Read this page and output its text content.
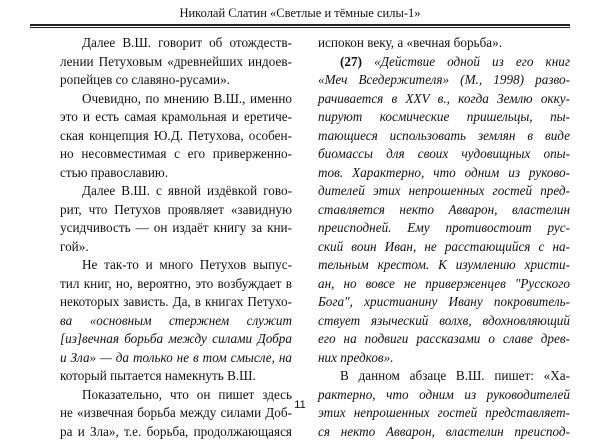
Николай Слатин «Светлые и тёмные силы-1»
Далее В.Ш. говорит об отождеств-
лении Петуховым «древнейших индоев-
ропейцев со славяно-русами».
Очевидно, по мнению В.Ш., именно
это и есть самая крамольная и еретиче-
ская концепция Ю.Д. Петухова, особен-
но несовместимая с его приверженно-
стью православию.
Далее В.Ш. с явной издёвкой гово-
рит, что Петухов проявляет «завидную
усидчивость — он издаёт книгу за кни-
гой».
Не так-то и много Петухов выпус-
тил книг, но, вероятно, это возбуждает в
некоторых зависть. Да, в книгах Петухо-
ва «основным стержнем служит
[из]вечная борьба между силами Добра
и Зла» — да только не в том смысле, на
который пытается намекнуть В.Ш.
Показательно, что он пишет здесь
не «извечная борьба между силами Доб-
ра и Зла», т.е. борьба, продолжающаяся
испокон веку, а «вечная борьба».
(27) «Действие одной из его книг
«Меч Вседержителя» (М., 1998) разво-
рачивается в XXV в., когда Землю окку-
пируют космические пришельцы, пы-
тающиеся использовать землян в виде
биомассы для своих чудовищных опы-
тов. Характерно, что одним из руково-
дителей этих непрошенных гостей пред-
ставляется некто Авварон, властелин
преисподней. Ему противостоит рус-
ский воин Иван, не расстающийся с на-
тельным крестом. К изумлению христи-
ан, но вовсе не приверженцев "Русского
Бога", христианину Ивану покровитель-
ствует языческий волхв, вдохновляющий
его на подвиги рассказами о славе древ-
них предков».
В данном абзаце В.Ш. пишет: «Ха-
рактерно, что одним из руководителей
этих непрошенных гостей представляет-
ся некто Авварон, властелин преиспод-
11
